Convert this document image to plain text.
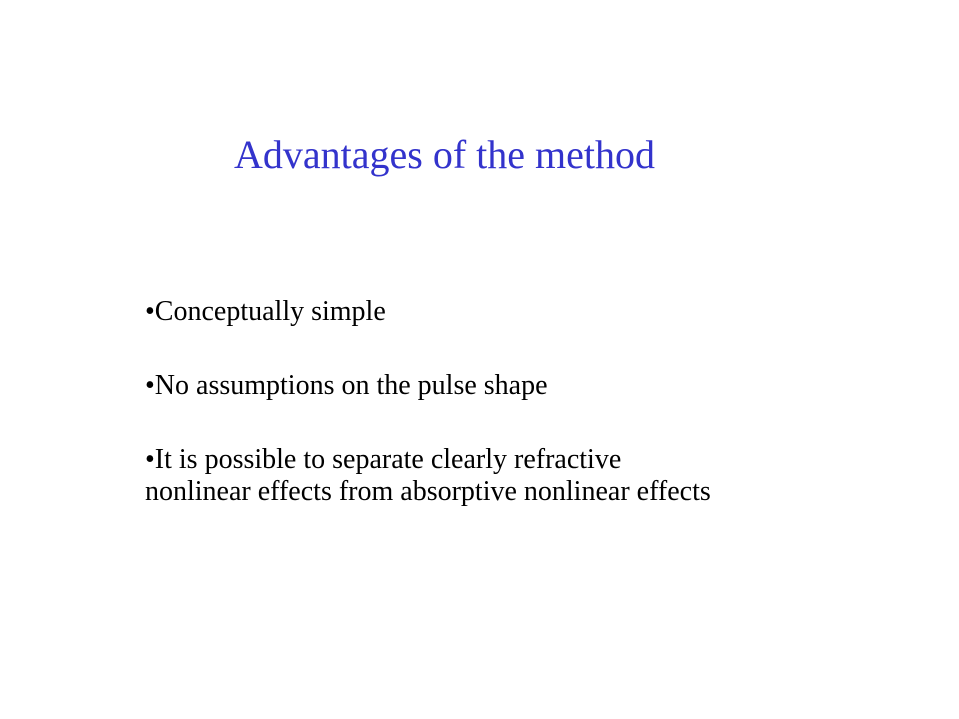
Advantages of the method
•Conceptually simple
•No assumptions on the pulse shape
•It is possible to separate clearly refractive
nonlinear effects from absorptive nonlinear effects
